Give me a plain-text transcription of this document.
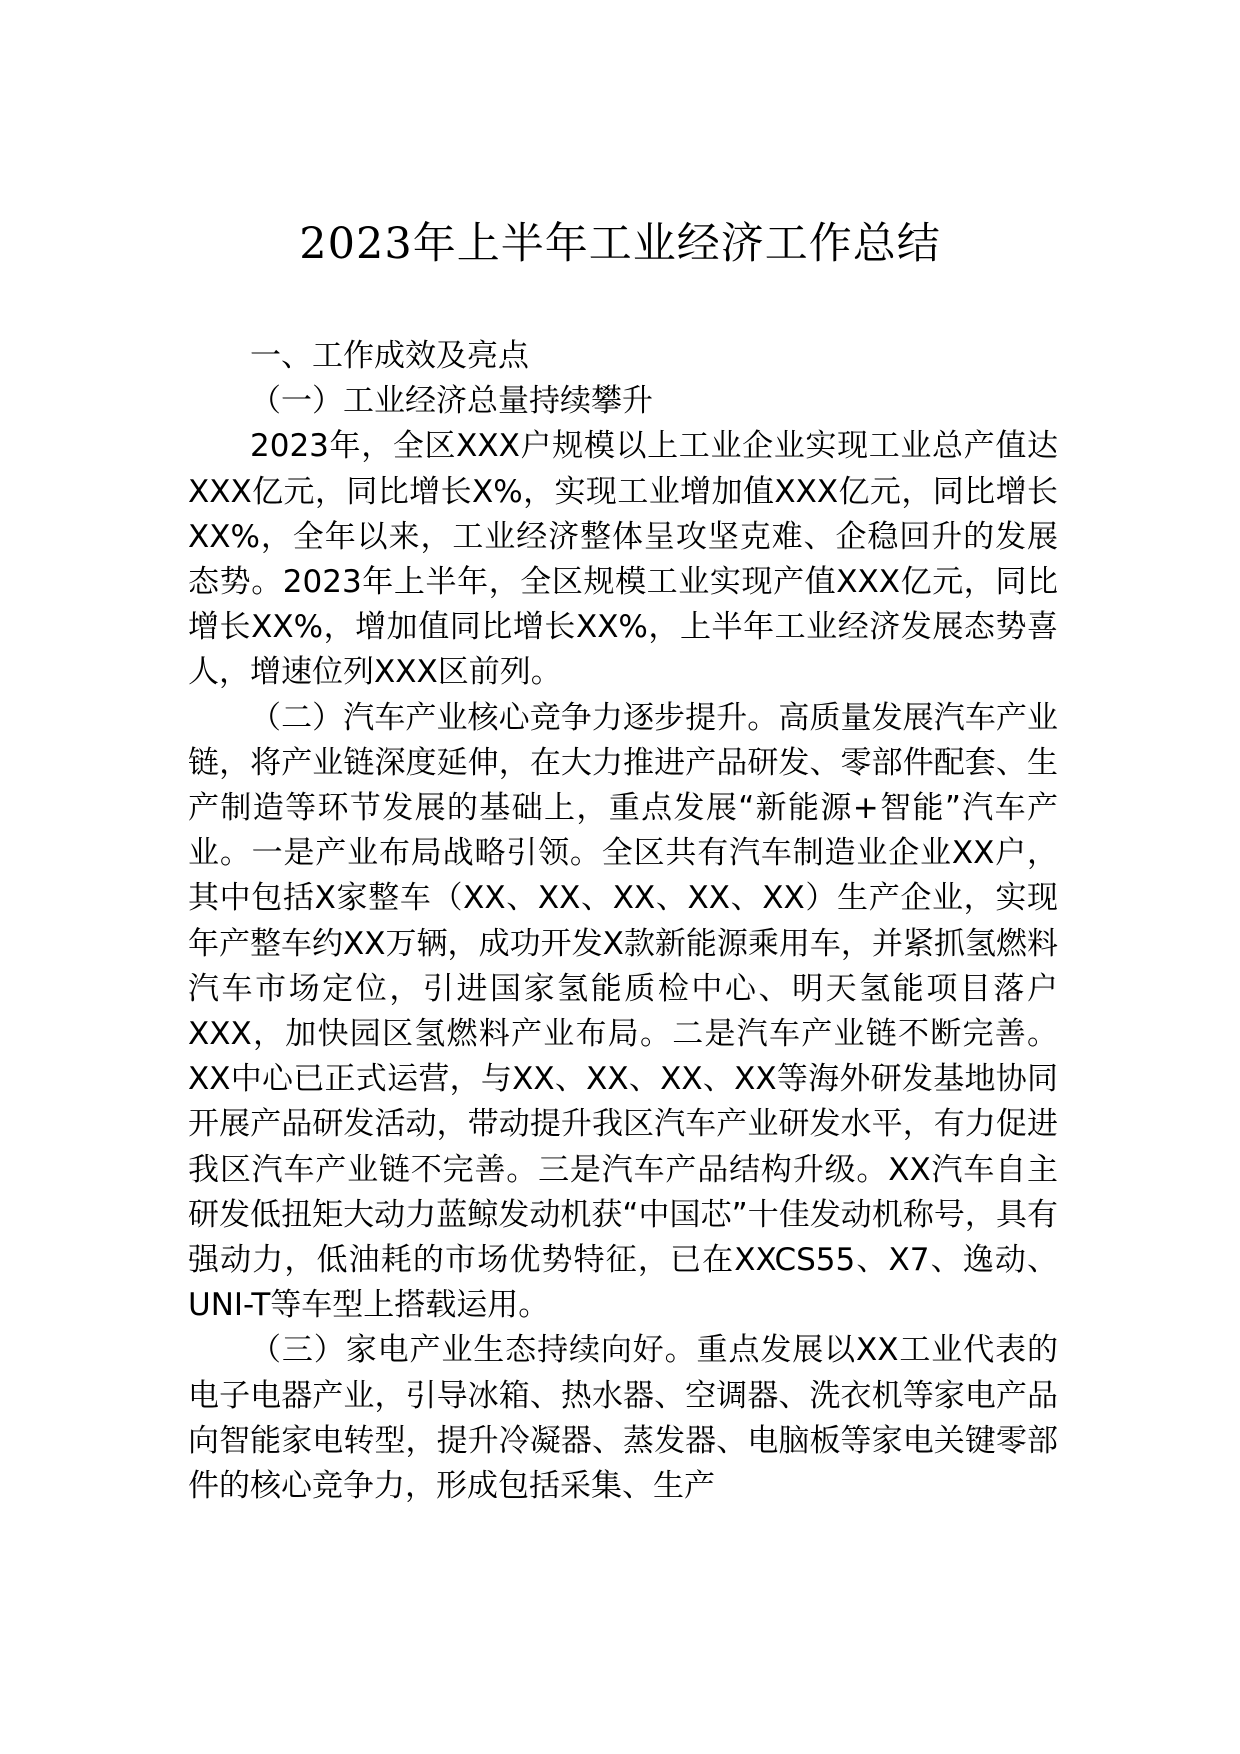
2023年上半年工业经济工作总结
一、工作成效及亮点
（一）工业经济总量持续攀升

2023年，全区XXX户规模以上工业企业实现工业总产值达XXX亿元，同比增长X%，实现工业增加值XXX亿元，同比增长XX%，全年以来，工业经济整体呈攻坚克难、企稳回升的发展态势。2023年上半年，全区规模工业实现产值XXX亿元，同比增长XX%，增加值同比增长XX%，上半年工业经济发展态势喜人，增速位列XXX区前列。

（二）汽车产业核心竞争力逐步提升。高质量发展汽车产业链，将产业链深度延伸，在大力推进产品研发、零部件配套、生产制造等环节发展的基础上，重点发展“新能源+智能”汽车产业。一是产业布局战略引领。全区共有汽车制造业企业XX户，其中包括X家整车（XX、XX、XX、XX、XX）生产企业，实现年产整车约XX万辆，成功开发X款新能源乘用车，并紧抓氢燃料汽车市场定位，引进国家氢能质检中心、明天氢能项目落户XXX，加快园区氢燃料产业布局。二是汽车产业链不断完善。XX中心已正式运营，与XX、XX、XX、XX等海外研发基地协同开展产品研发活动，带动提升我区汽车产业研发水平，有力促进我区汽车产业链不完善。三是汽车产品结构升级。XX汽车自主研发低扭矩大动力蓝鲸发动机获“中国芯”十佳发动机称号，具有强动力，低油耗的市场优势特征，已在XXCS55、X7、逸动、UNI-T等车型上搭载运用。

（三）家电产业生态持续向好。重点发展以XX工业代表的电子电器产业，引导冰箱、热水器、空调器、洗衣机等家电产品向智能家电转型，提升冷凝器、蒸发器、电脑板等家电关键零部件的核心竞争力，形成包括采集、生产
